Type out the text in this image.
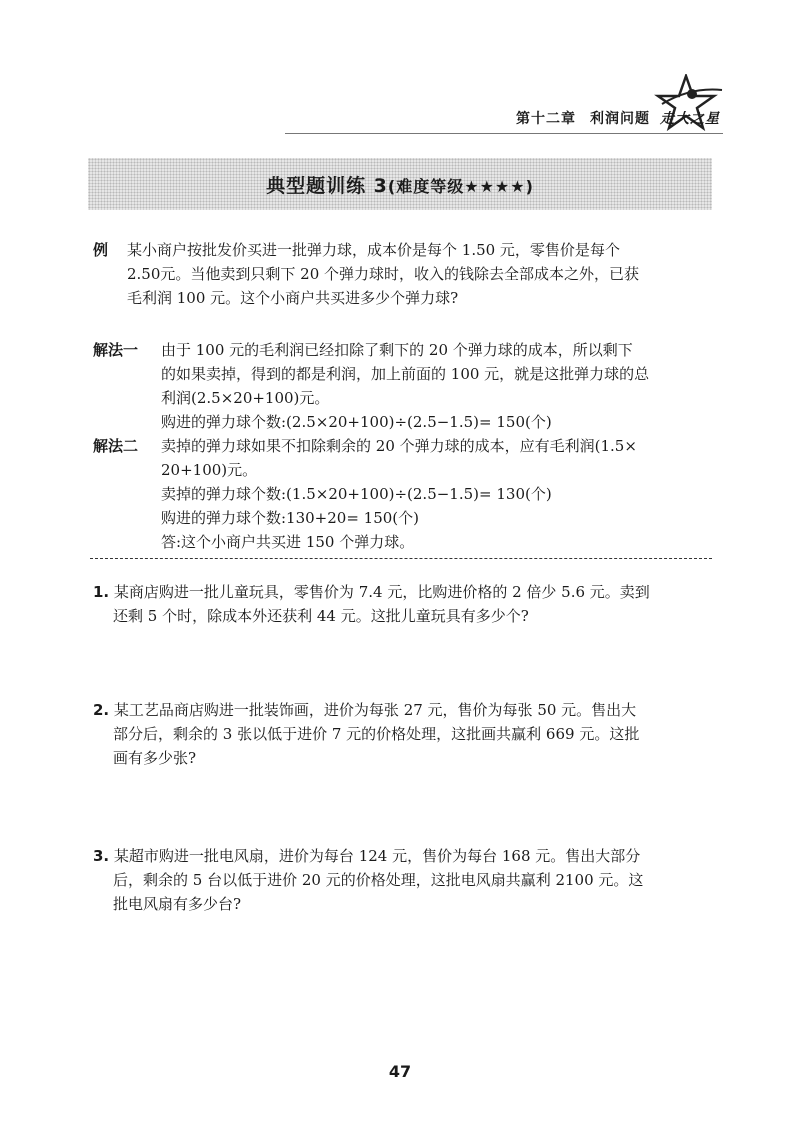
第十二章 利润问题 走大之星
典型题训练 3(难度等级★★★★)
例	某小商户按批发价买进一批弹力球，成本价是每个 1.50 元，零售价是每个
2.50元。当他卖到只剩下 20 个弹力球时，收入的钱除去全部成本之外，已获
毛利润 100 元。这个小商户共买进多少个弹力球?
解法一	由于 100 元的毛利润已经扣除了剩下的 20 个弹力球的成本，所以剩下
的如果卖掉，得到的都是利润，加上前面的 100 元，就是这批弹力球的总
利润(2.5×20+100)元。
购进的弹力球个数:(2.5×20+100)÷(2.5−1.5)= 150(个)
解法二	卖掉的弹力球如果不扣除剩余的 20 个弹力球的成本，应有毛利润(1.5×
20+100)元。
卖掉的弹力球个数:(1.5×20+100)÷(2.5−1.5)= 130(个)
购进的弹力球个数:130+20= 150(个)
答:这个小商户共买进 150 个弹力球。
1. 某商店购进一批儿童玩具，零售价为 7.4 元，比购进价格的 2 倍少 5.6 元。卖到
还剩 5 个时，除成本外还获利 44 元。这批儿童玩具有多少个?
2. 某工艺品商店购进一批装饰画，进价为每张 27 元，售价为每张 50 元。售出大
部分后，剩余的 3 张以低于进价 7 元的价格处理，这批画共赢利 669 元。这批
画有多少张?
3. 某超市购进一批电风扇，进价为每台 124 元，售价为每台 168 元。售出大部分
后，剩余的 5 台以低于进价 20 元的价格处理，这批电风扇共赢利 2100 元。这
批电风扇有多少台?
47
